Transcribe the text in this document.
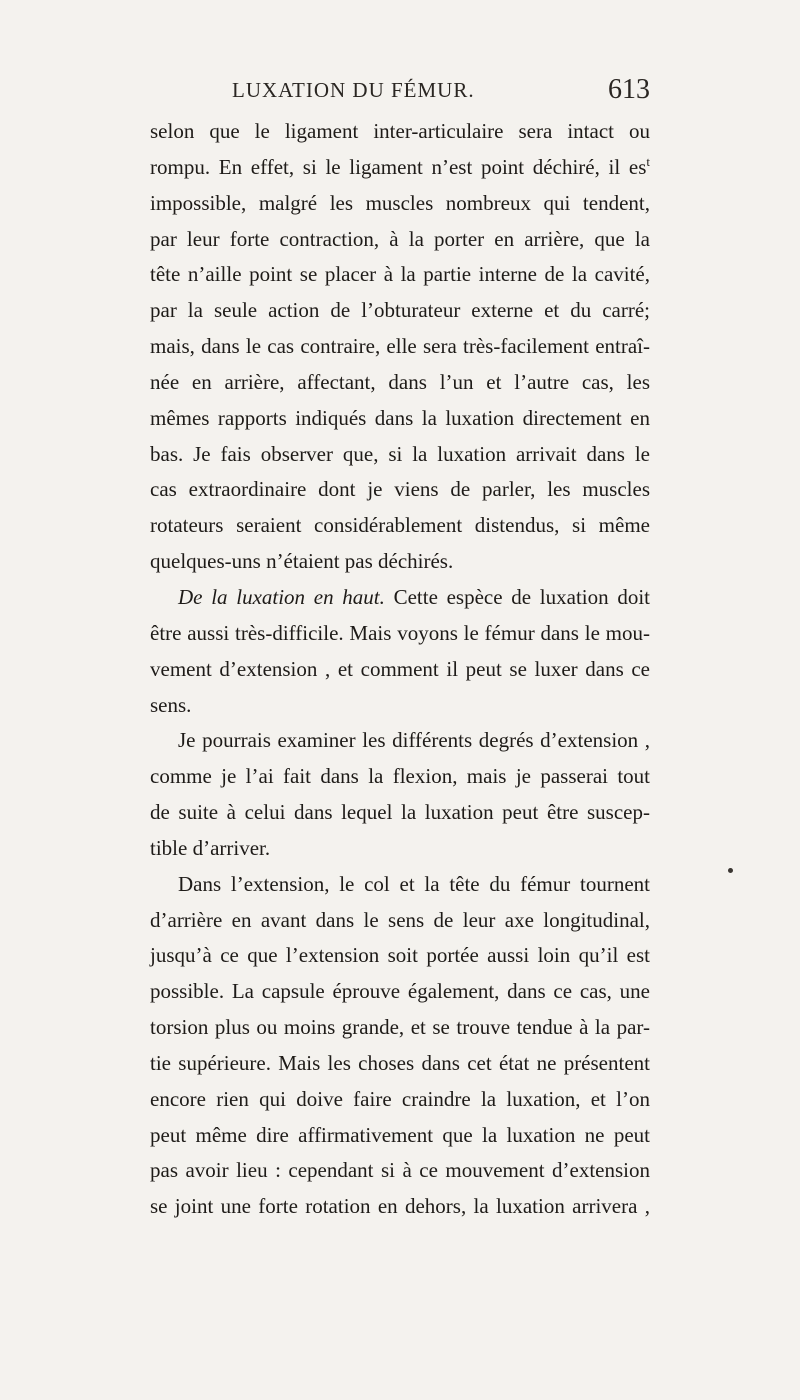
LUXATION DU FÉMUR.	613
selon que le ligament inter-articulaire sera intact ou
rompu. En effet, si le ligament n’est point déchiré, il $es^t$
impossible, malgré les muscles nombreux qui tendent,
par leur forte contraction, à la porter en arrière, que la
tête n’aille point se placer à la partie interne de la cavité,
par la seule action de l’obturateur externe et du carré;
mais, dans le cas contraire, elle sera très-facilement entraî-
née en arrière, affectant, dans l’un et l’autre cas, les
mêmes rapports indiqués dans la luxation directement en
bas. Je fais observer que, si la luxation arrivait dans le
cas extraordinaire dont je viens de parler, les muscles
rotateurs seraient considérablement distendus, si même
quelques-uns n’étaient pas déchirés.
De la luxation en haut. Cette espèce de luxation doit
être aussi très-difficile. Mais voyons le fémur dans le mou-
vement d’extension , et comment il peut se luxer dans ce
sens.
Je pourrais examiner les différents degrés d’extension ,
comme je l’ai fait dans la flexion, mais je passerai tout
de suite à celui dans lequel la luxation peut être suscep-
tible d’arriver.
Dans l’extension, le col et la tête du fémur tournent
d’arrière en avant dans le sens de leur axe longitudinal,
jusqu’à ce que l’extension soit portée aussi loin qu’il est
possible. La capsule éprouve également, dans ce cas, une
torsion plus ou moins grande, et se trouve tendue à la par-
tie supérieure. Mais les choses dans cet état ne présentent
encore rien qui doive faire craindre la luxation, et l’on
peut même dire affirmativement que la luxation ne peut
pas avoir lieu : cependant si à ce mouvement d’extension
se joint une forte rotation en dehors, la luxation arrivera ,
